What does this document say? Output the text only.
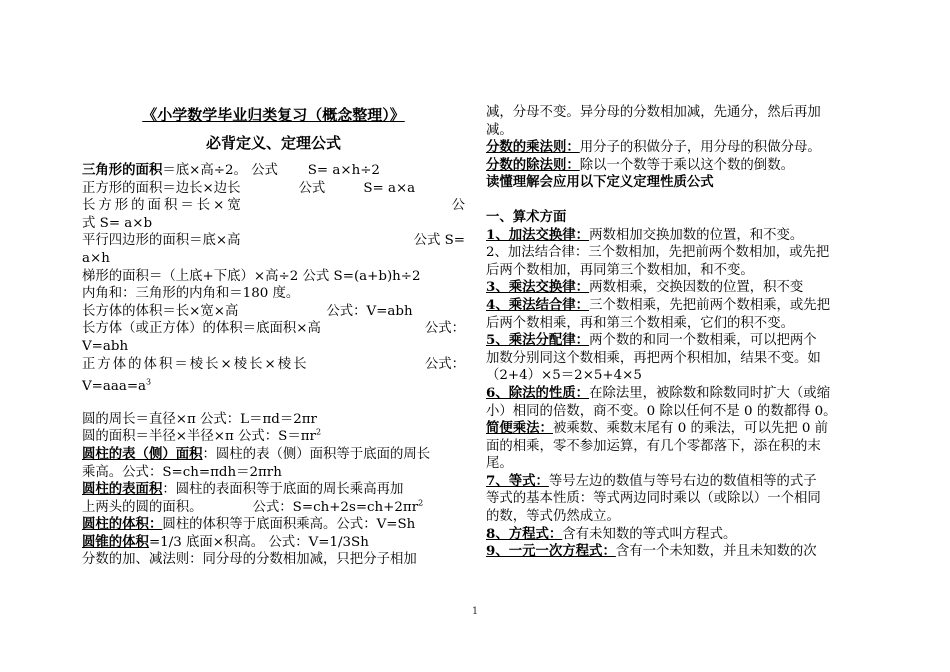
《小学数学毕业归类复习（概念整理）》
必背定义、定理公式
三角形的面积＝底×高÷2。 公式       S= a×h÷2
正方形的面积＝边长×边长	公式	S= a×a
长方形的面积＝长×宽	公
式 S= a×b
平行四边形的面积＝底×高	公式 S=
a×h
梯形的面积＝（上底+下底）×高÷2 公式 S=(a+b)h÷2
内角和：三角形的内角和＝180 度。
长方体的体积＝长×宽×高	公式：V=abh
长方体（或正方体）的体积＝底面积×高	公式：
V=abh
正方体的体积＝棱长×棱长×棱长	公式：
$V=aaa=a^3$
圆的周长＝直径×π 公式：L＝πd＝2πr
圆的面积＝半径×半径×π 公式：$S=\pi r^2$
圆柱的表（侧）面积：圆柱的表（侧）面积等于底面的周长
乘高。公式：S=ch=πdh＝2πrh
圆柱的表面积：圆柱的表面积等于底面的周长乘高再加
上两头的圆的面积。	公式：$S=ch+2s=ch+2\pi r^2$
圆柱的体积：圆柱的体积等于底面积乘高。公式：V=Sh
圆锥的体积=1/3 底面×积高。 公式：V=1/3Sh
分数的加、减法则：同分母的分数相加减，只把分子相加
减，分母不变。异分母的分数相加减，先通分，然后再加
减。
分数的乘法则：用分子的积做分子，用分母的积做分母。
分数的除法则：除以一个数等于乘以这个数的倒数。
读懂理解会应用以下定义定理性质公式
一、算术方面
1、加法交换律：两数相加交换加数的位置，和不变。
2、加法结合律：三个数相加，先把前两个数相加，或先把
后两个数相加，再同第三个数相加，和不变。
3、乘法交换律：两数相乘，交换因数的位置，积不变
4、乘法结合律：三个数相乘，先把前两个数相乘，或先把
后两个数相乘，再和第三个数相乘，它们的积不变。
5、乘法分配律：两个数的和同一个数相乘，可以把两个
加数分别同这个数相乘，再把两个积相加，结果不变。如
（2+4）×5＝2×5+4×5
6、除法的性质：在除法里，被除数和除数同时扩大（或缩
小）相同的倍数，商不变。0 除以任何不是 0 的数都得 0。
简便乘法：被乘数、乘数末尾有 0 的乘法，可以先把 0 前
面的相乘，零不参加运算，有几个零都落下，添在积的末
尾。
7、等式：等号左边的数值与等号右边的数值相等的式子
等式的基本性质：等式两边同时乘以（或除以）一个相同
的数，等式仍然成立。
8、方程式：含有未知数的等式叫方程式。
9、一元一次方程式：含有一个未知数，并且未知数的次
1
